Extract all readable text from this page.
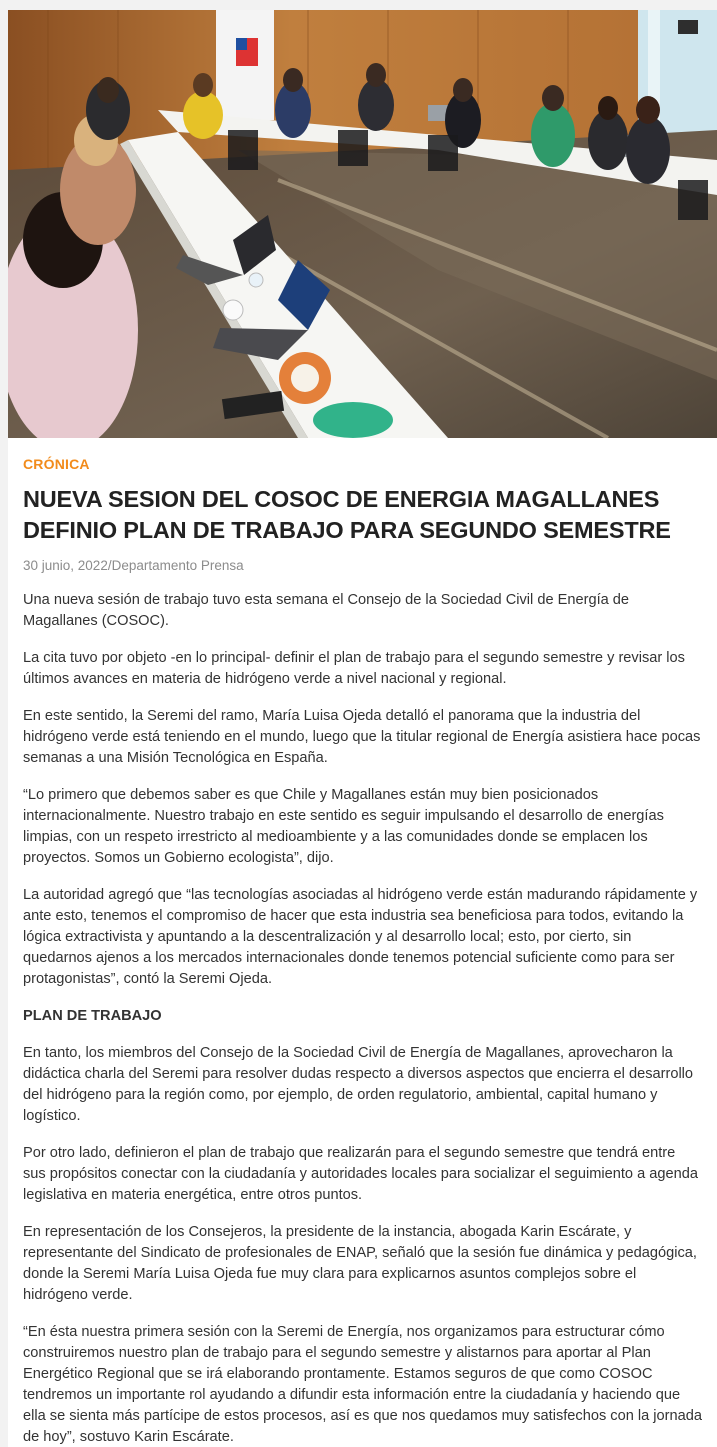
CRÓNICA
NUEVA SESION DEL COSOC DE ENERGIA MAGALLANES DEFINIO PLAN DE TRABAJO PARA SEGUNDO SEMESTRE
30 junio, 2022/Departamento Prensa

Una nueva sesión de trabajo tuvo esta semana el Consejo de la Sociedad Civil de Energía de Magallanes (COSOC).

La cita tuvo por objeto -en lo principal- definir el plan de trabajo para el segundo semestre y revisar los últimos avances en materia de hidrógeno verde a nivel nacional y regional.

En este sentido, la Seremi del ramo, María Luisa Ojeda detalló el panorama que la industria del hidrógeno verde está teniendo en el mundo, luego que la titular regional de Energía asistiera hace pocas semanas a una Misión Tecnológica en España.

“Lo primero que debemos saber es que Chile y Magallanes están muy bien posicionados internacionalmente. Nuestro trabajo en este sentido es seguir impulsando el desarrollo de energías limpias, con un respeto irrestricto al medioambiente y a las comunidades donde se emplacen los proyectos. Somos un Gobierno ecologista”, dijo.

La autoridad agregó que “las tecnologías asociadas al hidrógeno verde están madurando rápidamente y ante esto, tenemos el compromiso de hacer que esta industria sea beneficiosa para todos, evitando la lógica extractivista y apuntando a la descentralización y al desarrollo local; esto, por cierto, sin quedarnos ajenos a los mercados internacionales donde tenemos potencial suficiente como para ser protagonistas”, contó la Seremi Ojeda.

PLAN DE TRABAJO

En tanto, los miembros del Consejo de la Sociedad Civil de Energía de Magallanes, aprovecharon la didáctica charla del Seremi para resolver dudas respecto a diversos aspectos que encierra el desarrollo del hidrógeno para la región como, por ejemplo, de orden regulatorio, ambiental, capital humano y logístico.

Por otro lado, definieron el plan de trabajo que realizarán para el segundo semestre que tendrá entre sus propósitos conectar con la ciudadanía y autoridades locales para socializar el seguimiento a agenda legislativa en materia energética, entre otros puntos.

En representación de los Consejeros, la presidente de la instancia, abogada Karin Escárate, y representante del Sindicato de profesionales de ENAP, señaló que la sesión fue dinámica y pedagógica, donde la Seremi María Luisa Ojeda fue muy clara para explicarnos asuntos complejos sobre el hidrógeno verde.

“En ésta nuestra primera sesión con la Seremi de Energía, nos organizamos para estructurar cómo construiremos nuestro plan de trabajo para el segundo semestre y alistarnos para aportar al Plan Energético Regional que se irá elaborando prontamente. Estamos seguros de que como COSOC tendremos un importante rol ayudando a difundir esta información entre la ciudadanía y haciendo que ella se sienta más partícipe de estos procesos, así es que nos quedamos muy satisfechos con la jornada de hoy”, sostuvo Karin Escárate.
